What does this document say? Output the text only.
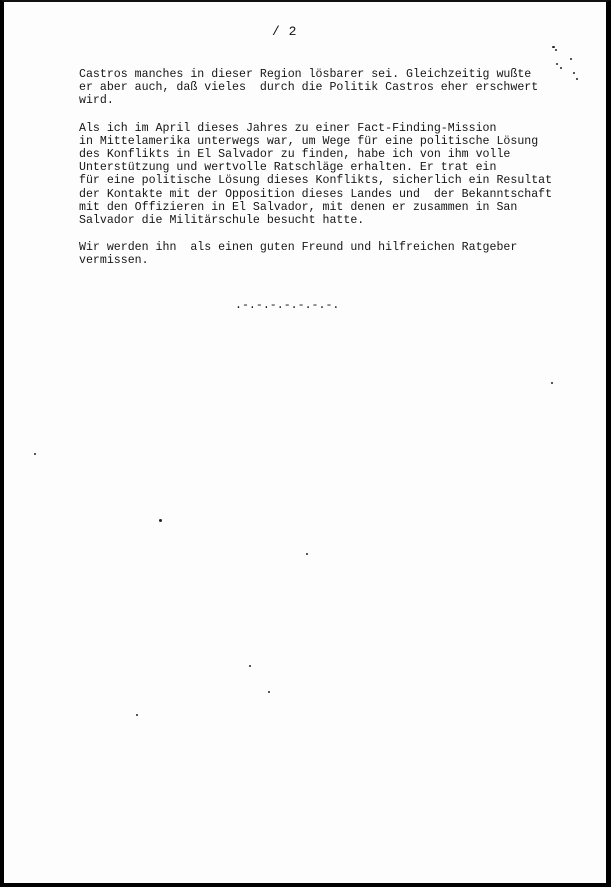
/ 2

Castros manches in dieser Region lösbarer sei. Gleichzeitig wußte
er aber auch, daß vieles  durch die Politik Castros eher erschwert
wird.

Als ich im April dieses Jahres zu einer Fact-Finding-Mission
in Mittelamerika unterwegs war, um Wege für eine politische Lösung
des Konflikts in El Salvador zu finden, habe ich von ihm volle
Unterstützung und wertvolle Ratschläge erhalten. Er trat ein
für eine politische Lösung dieses Konflikts, sicherlich ein Resultat
der Kontakte mit der Opposition dieses Landes und  der Bekanntschaft
mit den Offizieren in El Salvador, mit denen er zusammen in San
Salvador die Militärschule besucht hatte.

Wir werden ihn  als einen guten Freund und hilfreichen Ratgeber
vermissen.

.-.-.-.-.-.-.-.
